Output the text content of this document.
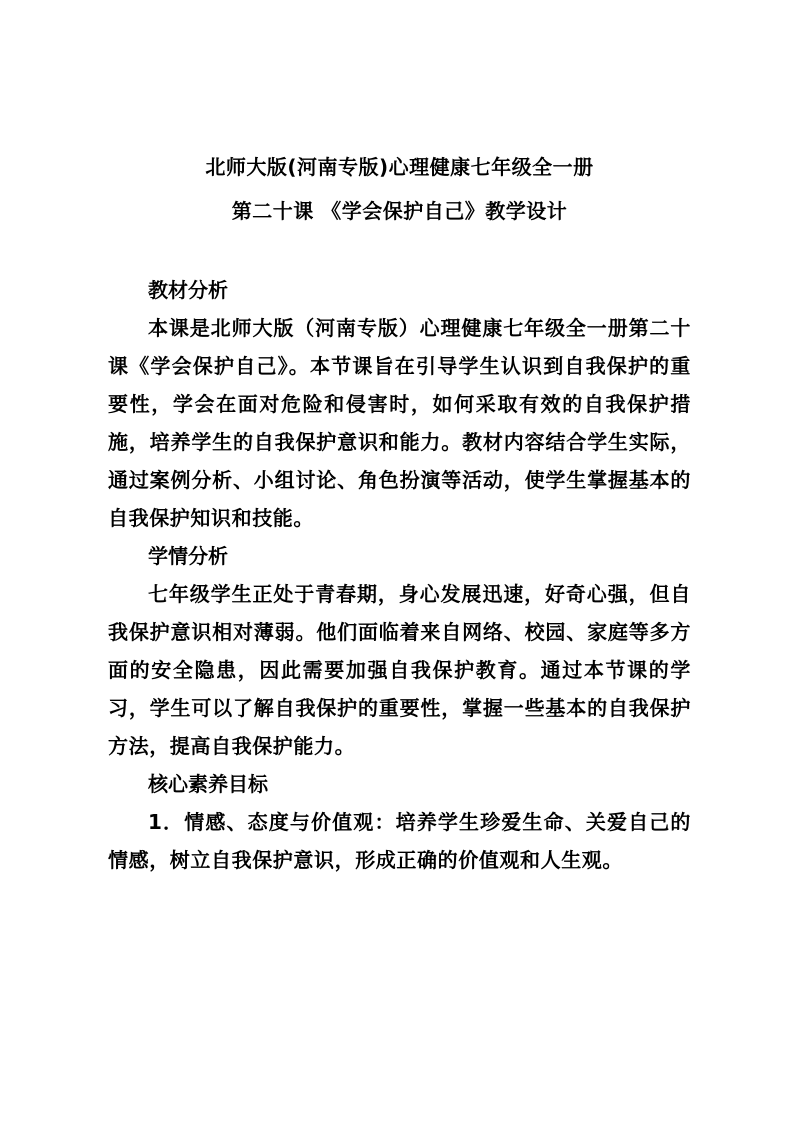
北师大版(河南专版)心理健康七年级全一册

第二十课 《学会保护自己》教学设计

教材分析

本课是北师大版（河南专版）心理健康七年级全一册第二十课《学会保护自己》。本节课旨在引导学生认识到自我保护的重要性，学会在面对危险和侵害时，如何采取有效的自我保护措施，培养学生的自我保护意识和能力。教材内容结合学生实际，通过案例分析、小组讨论、角色扮演等活动，使学生掌握基本的自我保护知识和技能。

学情分析

七年级学生正处于青春期，身心发展迅速，好奇心强，但自我保护意识相对薄弱。他们面临着来自网络、校园、家庭等多方面的安全隐患，因此需要加强自我保护教育。通过本节课的学习，学生可以了解自我保护的重要性，掌握一些基本的自我保护方法，提高自我保护能力。

核心素养目标

1．情感、态度与价值观：培养学生珍爱生命、关爱自己的情感，树立自我保护意识，形成正确的价值观和人生观。
